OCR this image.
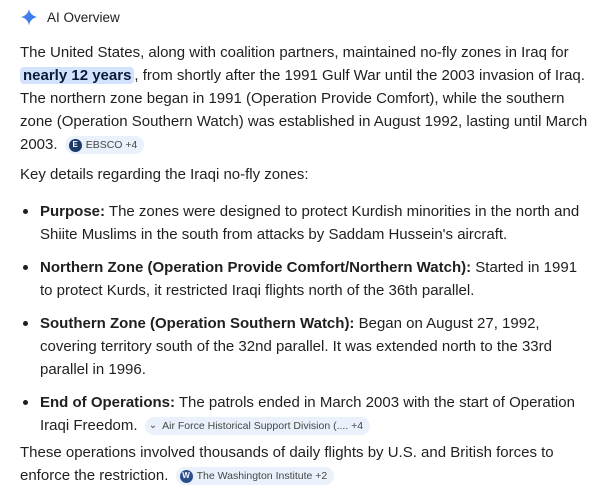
AI Overview

The United States, along with coalition partners, maintained no-fly zones in Iraq for nearly 12 years , from shortly after the 1991 Gulf War until the 2003 invasion of Iraq. The northern zone began in 1991 (Operation Provide Comfort), while the southern zone (Operation Southern Watch) was established in August 1992, lasting until March 2003.	E EBSCO +4

Key details regarding the Iraqi no-fly zones:

Purpose: The zones were designed to protect Kurdish minorities in the north and Shiite Muslims in the south from attacks by Saddam Hussein's aircraft.
Northern Zone (Operation Provide Comfort/Northern Watch): Started in 1991 to protect Kurds, it restricted Iraqi flights north of the 36th parallel.
Southern Zone (Operation Southern Watch): Began on August 27, 1992, covering territory south of the 32nd parallel. It was extended north to the 33rd parallel in 1996.
End of Operations: The patrols ended in March 2003 with the start of Operation Iraqi Freedom. ⌄ Air Force Historical Support Division (.... +4

These operations involved thousands of daily flights by U.S. and British forces to enforce the restriction.	W The Washington Institute +2
